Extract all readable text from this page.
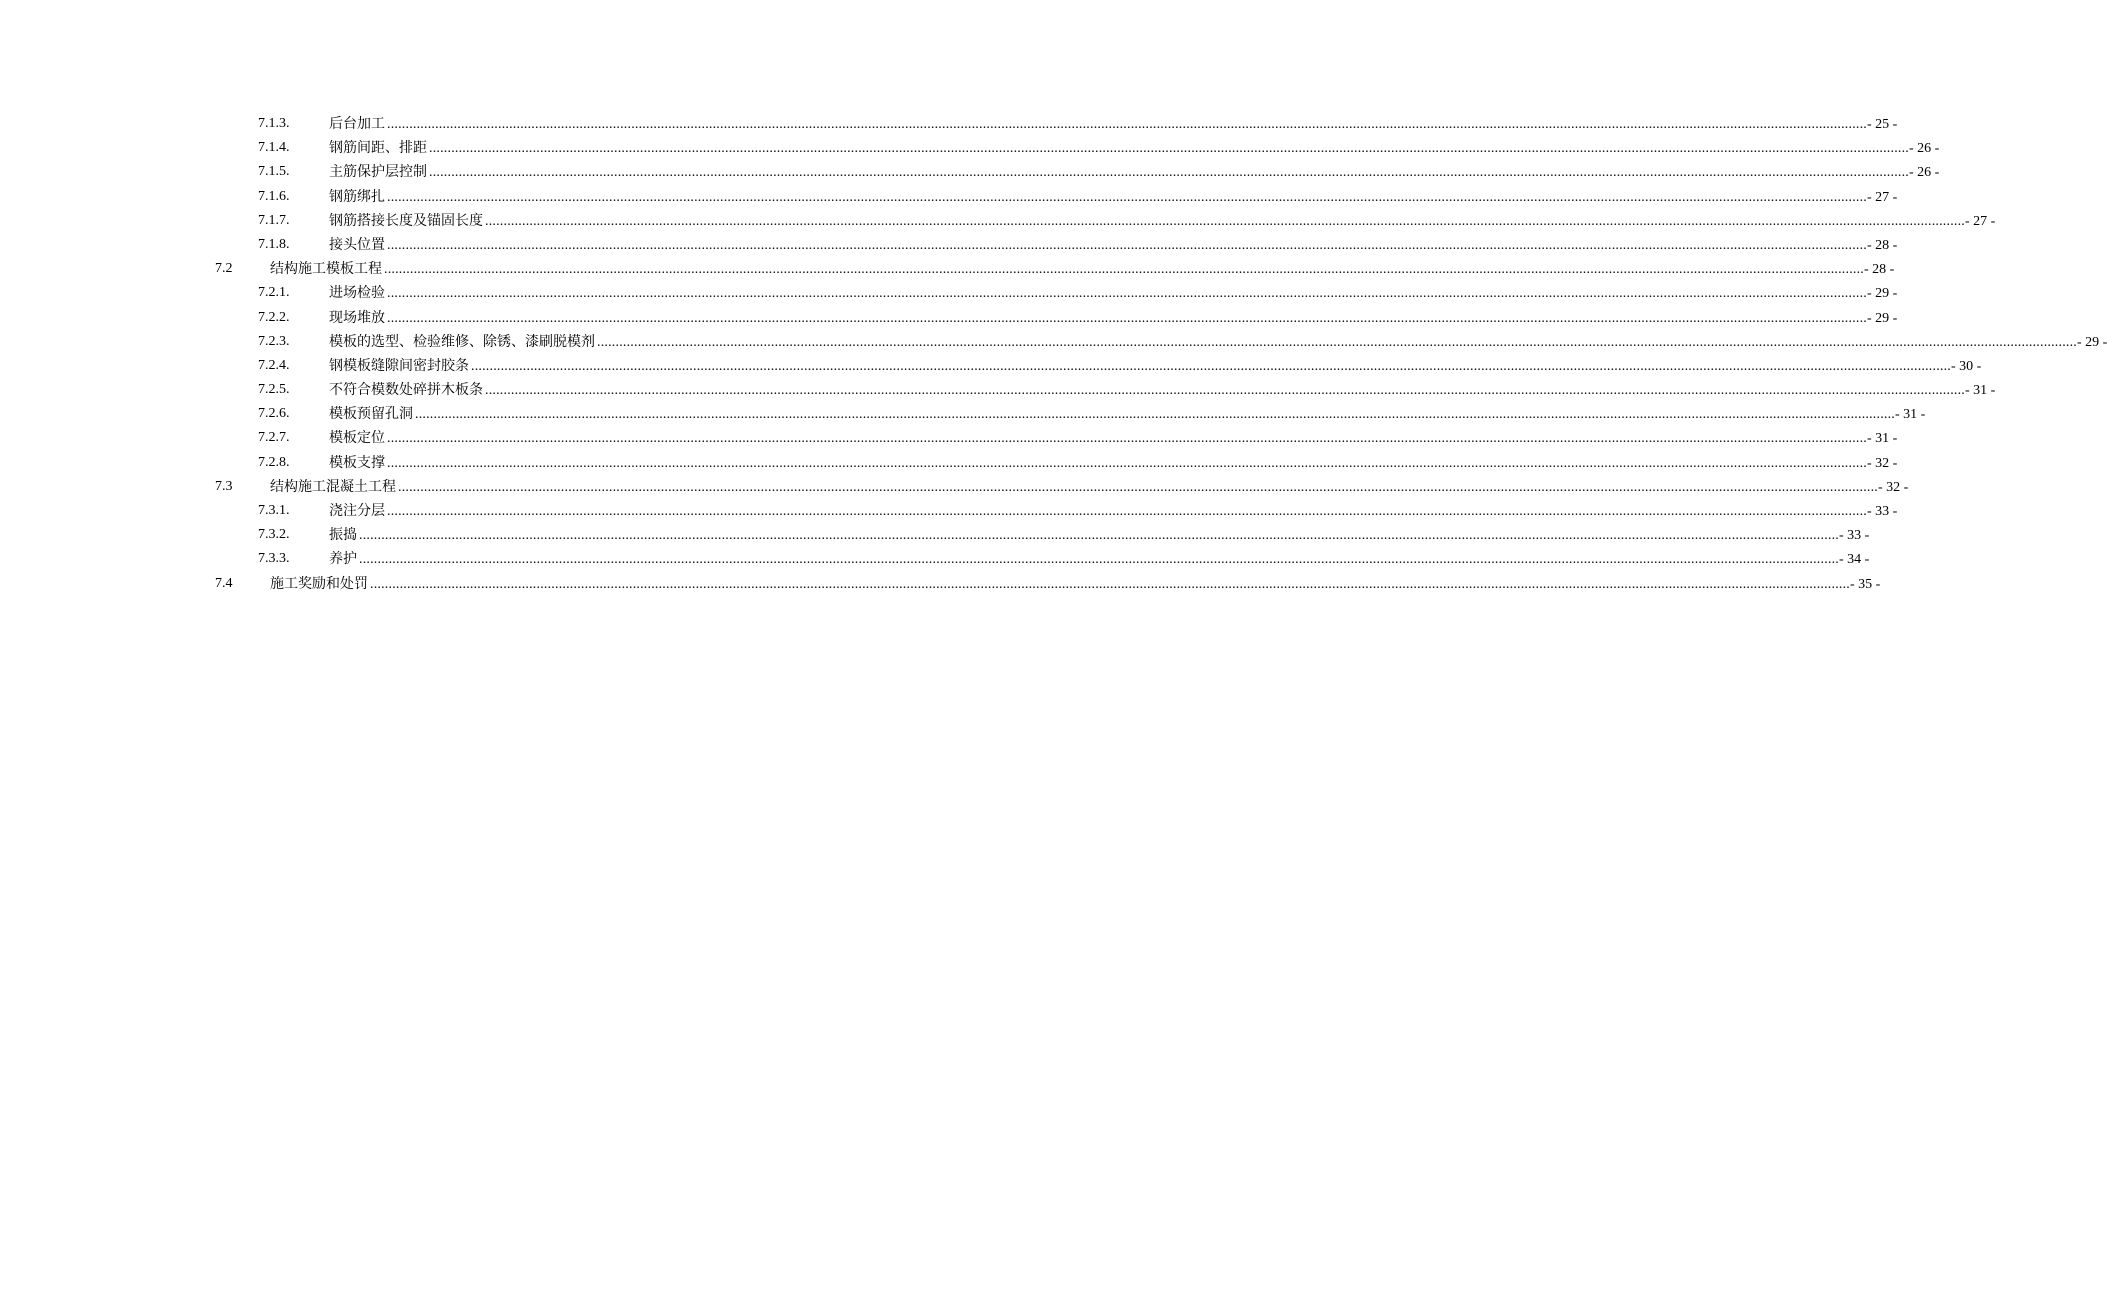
7.1.3.	后台加工 ................................................................................................................................................................................................................................................................................................................................................................................................................ - 25 -
7.1.4.	钢筋间距、排距 ................................................................................................................................................................................................................................................................................................................................................................................................................ - 26 -
7.1.5.	主筋保护层控制 ................................................................................................................................................................................................................................................................................................................................................................................................................ - 26 -
7.1.6.	钢筋绑扎 ................................................................................................................................................................................................................................................................................................................................................................................................................ - 27 -
7.1.7.	钢筋搭接长度及锚固长度 ................................................................................................................................................................................................................................................................................................................................................................................................................ - 27 -
7.1.8.	接头位置 ................................................................................................................................................................................................................................................................................................................................................................................................................ - 28 -
7.2	结构施工模板工程 ................................................................................................................................................................................................................................................................................................................................................................................................................ - 28 -
7.2.1.	进场检验 ................................................................................................................................................................................................................................................................................................................................................................................................................ - 29 -
7.2.2.	现场堆放 ................................................................................................................................................................................................................................................................................................................................................................................................................ - 29 -
7.2.3.	模板的选型、检验维修、除锈、漆刷脱模剂 ................................................................................................................................................................................................................................................................................................................................................................................................................ - 29 -
7.2.4.	钢模板缝隙间密封胶条 ................................................................................................................................................................................................................................................................................................................................................................................................................ - 30 -
7.2.5.	不符合模数处碎拼木板条 ................................................................................................................................................................................................................................................................................................................................................................................................................ - 31 -
7.2.6.	模板预留孔洞 ................................................................................................................................................................................................................................................................................................................................................................................................................ - 31 -
7.2.7.	模板定位 ................................................................................................................................................................................................................................................................................................................................................................................................................ - 31 -
7.2.8.	模板支撑 ................................................................................................................................................................................................................................................................................................................................................................................................................ - 32 -
7.3	结构施工混凝土工程 ................................................................................................................................................................................................................................................................................................................................................................................................................ - 32 -
7.3.1.	浇注分层 ................................................................................................................................................................................................................................................................................................................................................................................................................ - 33 -
7.3.2.	振捣 ................................................................................................................................................................................................................................................................................................................................................................................................................ - 33 -
7.3.3.	养护 ................................................................................................................................................................................................................................................................................................................................................................................................................ - 34 -
7.4	施工奖励和处罚 ................................................................................................................................................................................................................................................................................................................................................................................................................ - 35 -
